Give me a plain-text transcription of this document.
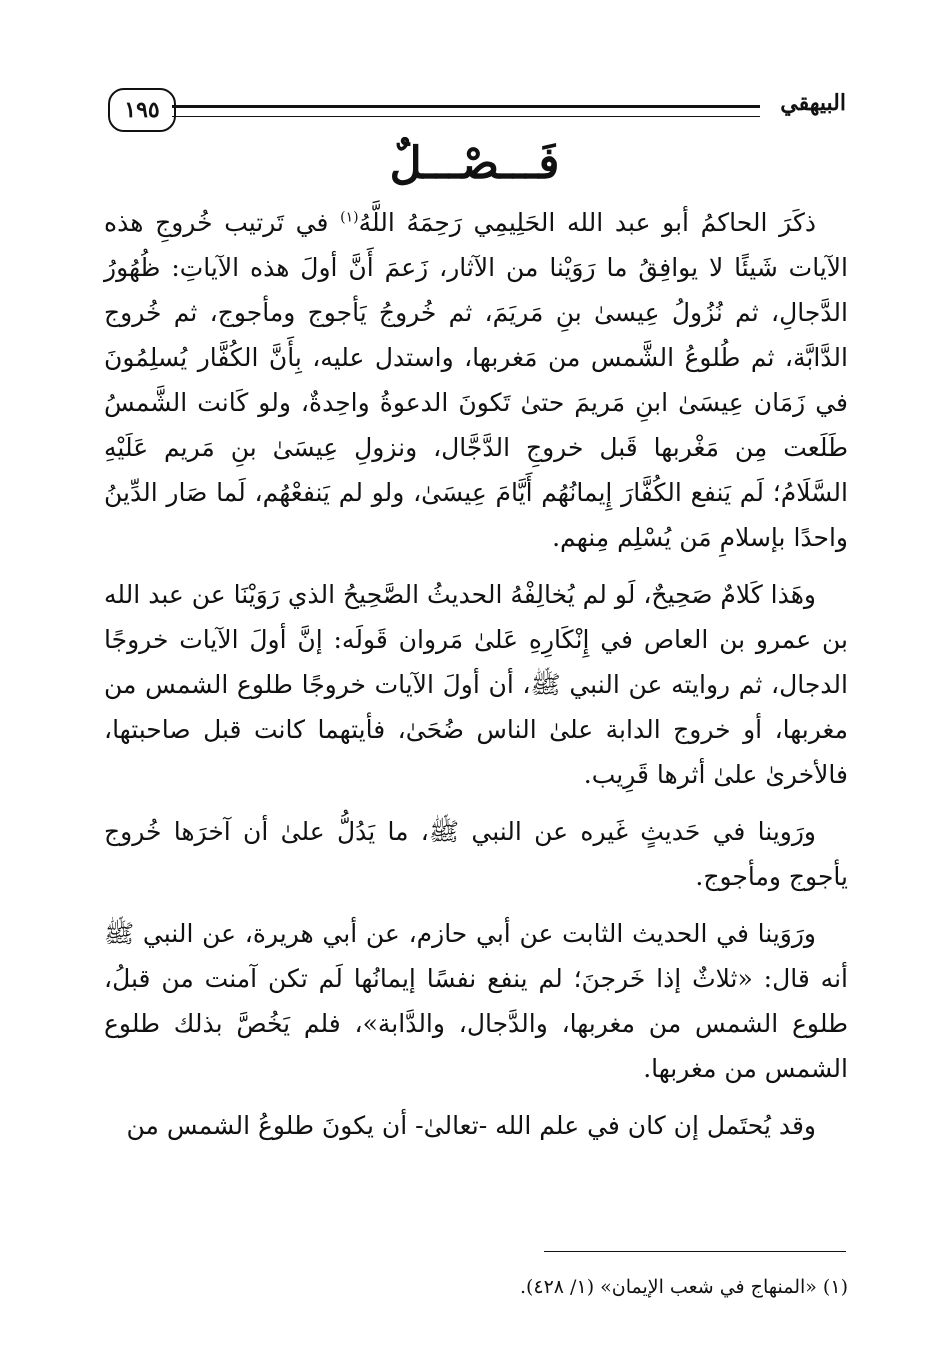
١٩٥	البيهقي
فَـــصْـــلٌ

ذكَرَ الحاكمُ أبو عبد الله الحَلِيمِي رَحِمَهُ اللَّهُ$^{(١)}$ في تَرتيب خُروجِ هذه الآيات شَيئًا لا يوافِقُ ما رَوَيْنا من الآثار، زَعمَ أَنَّ أولَ هذه الآياتِ: ظُهُورُ الدَّجالِ، ثم نُزُولُ عِيسىٰ بنِ مَريَمَ، ثم خُروجُ يَأجوج ومأجوج، ثم خُروج الدَّابَّة، ثم طُلوعُ الشَّمس من مَغربها، واستدل عليه، بِأَنَّ الكُفَّار يُسلِمُونَ في زَمَان عِيسَىٰ ابنِ مَريمَ حتىٰ تَكونَ الدعوةُ واحِدةٌ، ولو كَانت الشَّمسُ طَلَعت مِن مَغْربها قَبل خروجِ الدَّجَّال، ونزولِ عِيسَىٰ بنِ مَريم عَلَيْهِ السَّلَامُ؛ لَم يَنفع الكُفَّارَ إِيمانُهُم أَيَّامَ عِيسَىٰ، ولو لم يَنفعْهُم، لَما صَار الدِّينُ واحدًا بإسلامِ مَن يُسْلِم مِنهم.

وهَذا كَلامٌ صَحِيحٌ، لَو لم يُخالِفْهُ الحديثُ الصَّحِيحُ الذي رَوَيْنَا عن عبد الله بن عمرو بن العاص في إِنْكَارِهِ عَلىٰ مَروان قَولَه: إنَّ أولَ الآيات خروجًا الدجال، ثم روايته عن النبي ﷺ، أن أولَ الآيات خروجًا طلوع الشمس من مغربها، أو خروج الدابة علىٰ الناس ضُحَىٰ، فأيتهما كانت قبل صاحبتها، فالأخرىٰ علىٰ أثرها قَرِيب.

ورَوينا في حَديثٍ غَيره عن النبي ﷺ، ما يَدُلُّ علىٰ أن آخرَها خُروج يأجوج ومأجوج.

ورَوَينا في الحديث الثابت عن أبي حازم، عن أبي هريرة، عن النبي ﷺ أنه قال: «ثلاثٌ إذا خَرجنَ؛ لم ينفع نفسًا إيمانُها لَم تكن آمنت من قبلُ، طلوع الشمس من مغربها، والدَّجال، والدَّابة»، فلم يَخُصَّ بذلك طلوع الشمس من مغربها.

وقد يُحتَمل إن كان في علم الله -تعالىٰ- أن يكونَ طلوعُ الشمس من

(١) «المنهاج في شعب الإيمان» (١/ ٤٢٨).
